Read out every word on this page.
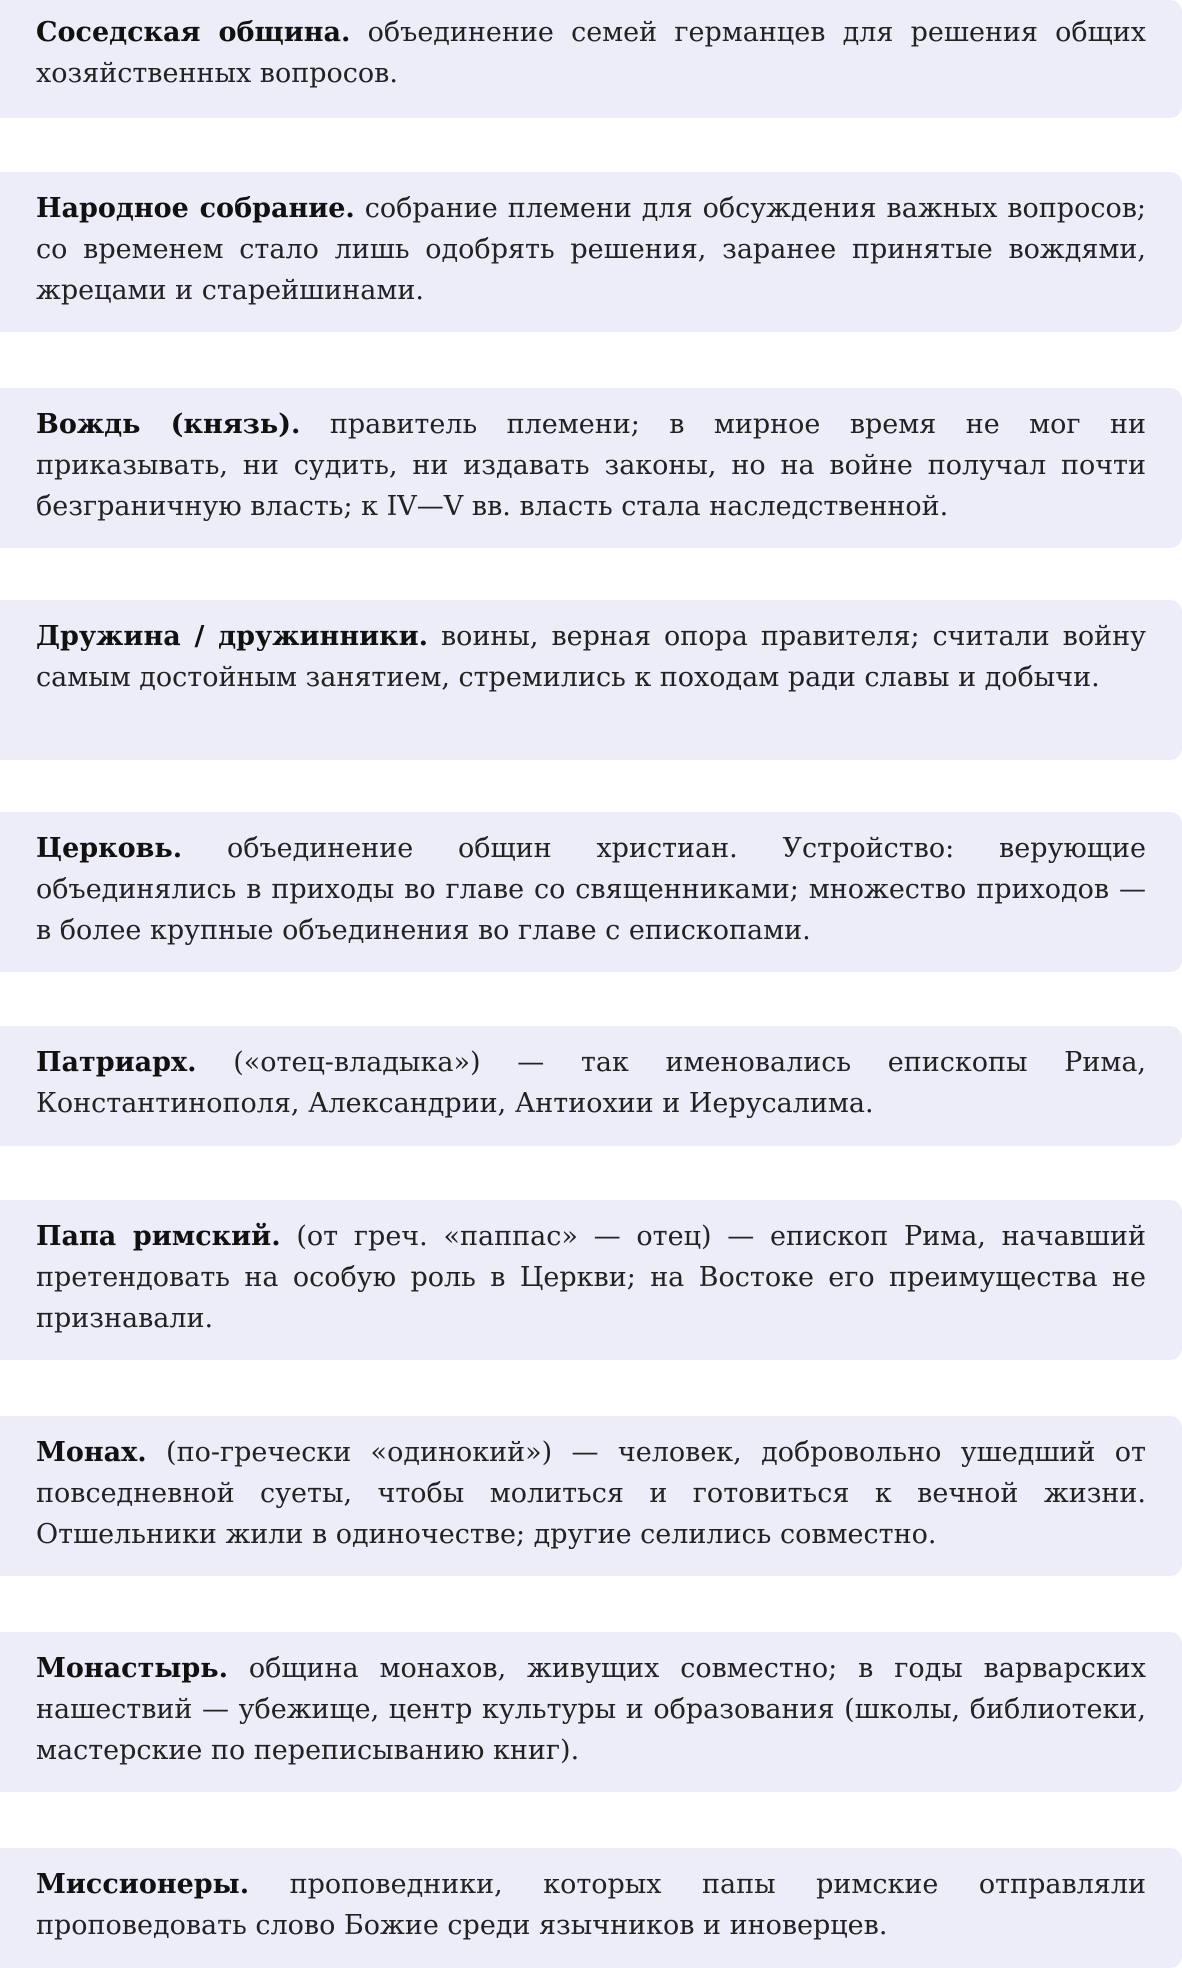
Соседская община. объединение семей германцев для решения общих хозяйственных вопросов.

Народное собрание. собрание племени для обсуждения важных вопросов; со временем стало лишь одобрять решения, заранее принятые вождями, жрецами и старейшинами.

Вождь (князь). правитель племени; в мирное время не мог ни приказывать, ни судить, ни издавать законы, но на войне получал почти безграничную власть; к IV—V вв. власть стала наследственной.

Дружина / дружинники. воины, верная опора правителя; считали войну самым достойным занятием, стремились к походам ради славы и добычи.

Церковь. объединение общин христиан. Устройство: верующие объединялись в приходы во главе со священниками; множество приходов — в более крупные объединения во главе с епископами.

Патриарх. («отец-владыка») — так именовались епископы Рима, Константинополя, Александрии, Антиохии и Иерусалима.

Папа римский. (от греч. «паппас» — отец) — епископ Рима, начавший претендовать на особую роль в Церкви; на Востоке его преимущества не признавали.

Монах. (по-гречески «одинокий») — человек, добровольно ушедший от повседневной суеты, чтобы молиться и готовиться к вечной жизни. Отшельники жили в одиночестве; другие селились совместно.

Монастырь. община монахов, живущих совместно; в годы варварских нашествий — убежище, центр культуры и образования (школы, библиотеки, мастерские по переписыванию книг).

Миссионеры. проповедники, которых папы римские отправляли проповедовать слово Божие среди язычников и иноверцев.
